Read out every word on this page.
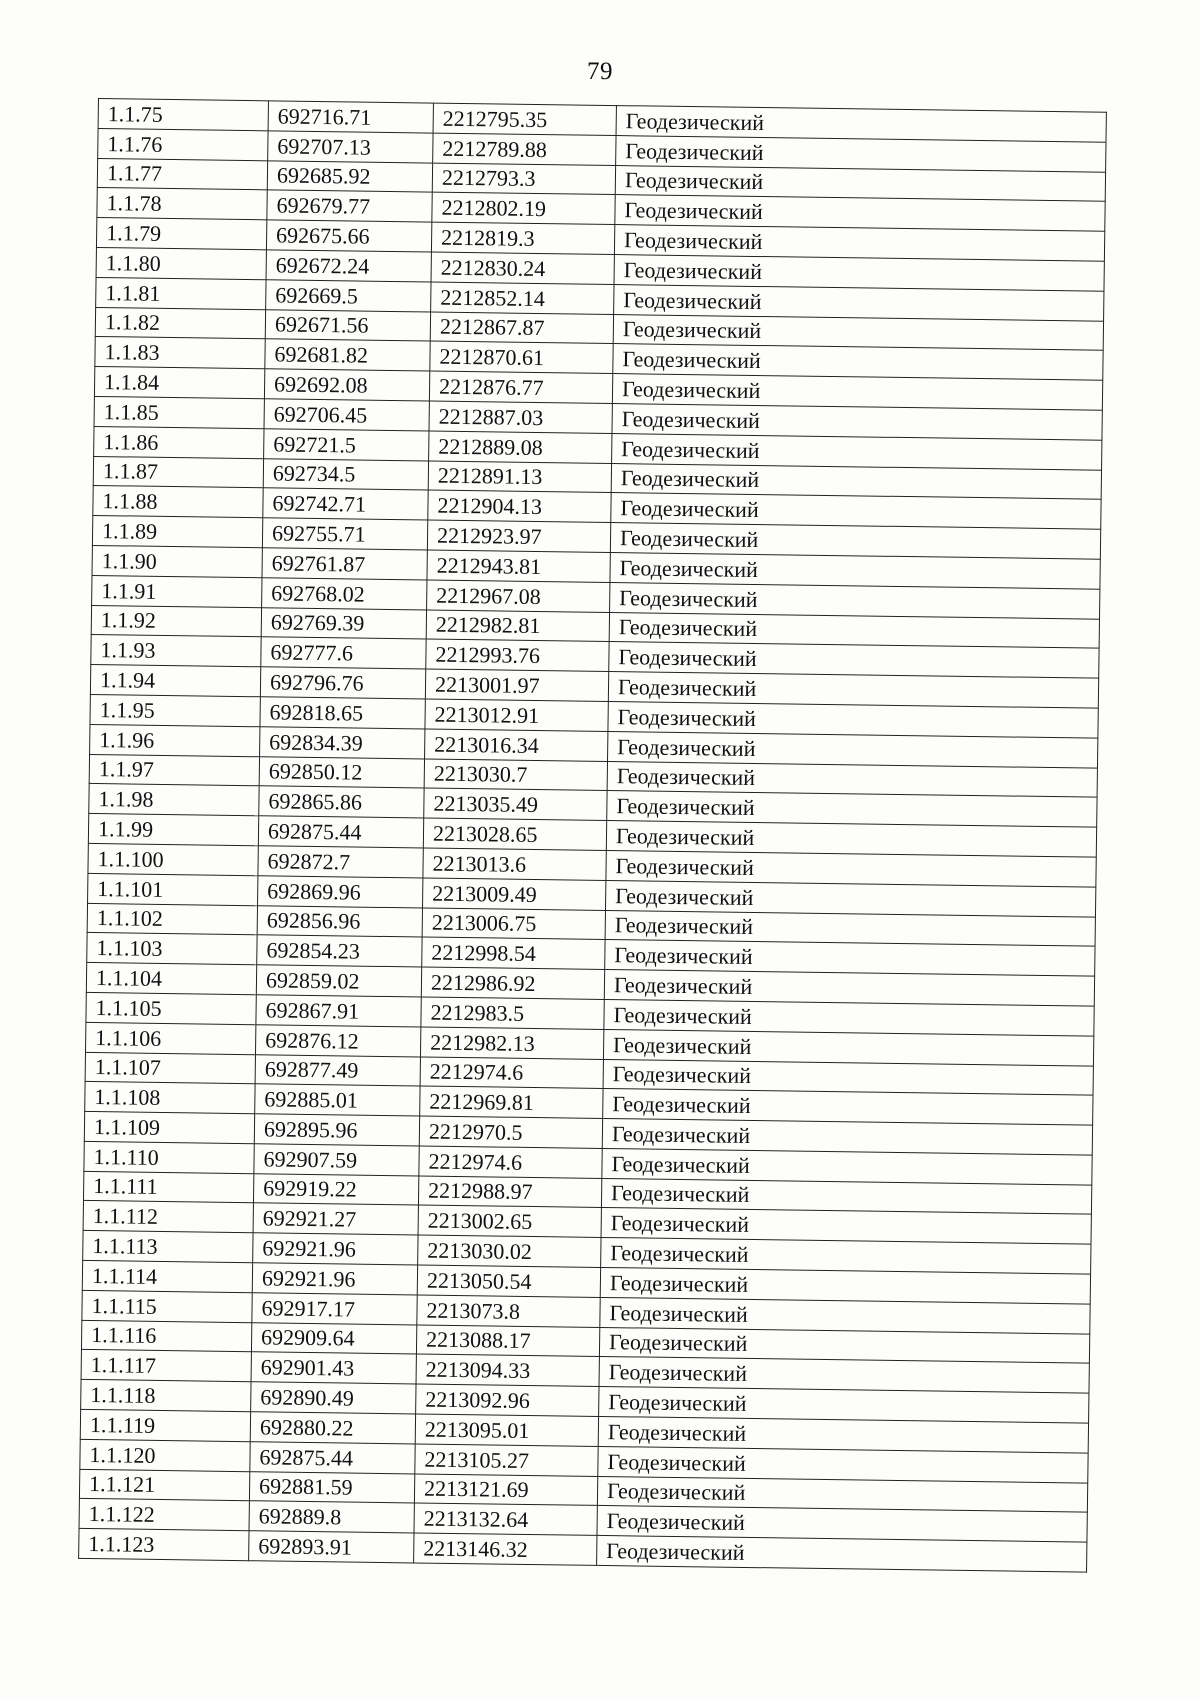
79
1.1.75	692716.71	2212795.35	Геодезический
1.1.76	692707.13	2212789.88	Геодезический
1.1.77	692685.92	2212793.3	Геодезический
1.1.78	692679.77	2212802.19	Геодезический
1.1.79	692675.66	2212819.3	Геодезический
1.1.80	692672.24	2212830.24	Геодезический
1.1.81	692669.5	2212852.14	Геодезический
1.1.82	692671.56	2212867.87	Геодезический
1.1.83	692681.82	2212870.61	Геодезический
1.1.84	692692.08	2212876.77	Геодезический
1.1.85	692706.45	2212887.03	Геодезический
1.1.86	692721.5	2212889.08	Геодезический
1.1.87	692734.5	2212891.13	Геодезический
1.1.88	692742.71	2212904.13	Геодезический
1.1.89	692755.71	2212923.97	Геодезический
1.1.90	692761.87	2212943.81	Геодезический
1.1.91	692768.02	2212967.08	Геодезический
1.1.92	692769.39	2212982.81	Геодезический
1.1.93	692777.6	2212993.76	Геодезический
1.1.94	692796.76	2213001.97	Геодезический
1.1.95	692818.65	2213012.91	Геодезический
1.1.96	692834.39	2213016.34	Геодезический
1.1.97	692850.12	2213030.7	Геодезический
1.1.98	692865.86	2213035.49	Геодезический
1.1.99	692875.44	2213028.65	Геодезический
1.1.100	692872.7	2213013.6	Геодезический
1.1.101	692869.96	2213009.49	Геодезический
1.1.102	692856.96	2213006.75	Геодезический
1.1.103	692854.23	2212998.54	Геодезический
1.1.104	692859.02	2212986.92	Геодезический
1.1.105	692867.91	2212983.5	Геодезический
1.1.106	692876.12	2212982.13	Геодезический
1.1.107	692877.49	2212974.6	Геодезический
1.1.108	692885.01	2212969.81	Геодезический
1.1.109	692895.96	2212970.5	Геодезический
1.1.110	692907.59	2212974.6	Геодезический
1.1.111	692919.22	2212988.97	Геодезический
1.1.112	692921.27	2213002.65	Геодезический
1.1.113	692921.96	2213030.02	Геодезический
1.1.114	692921.96	2213050.54	Геодезический
1.1.115	692917.17	2213073.8	Геодезический
1.1.116	692909.64	2213088.17	Геодезический
1.1.117	692901.43	2213094.33	Геодезический
1.1.118	692890.49	2213092.96	Геодезический
1.1.119	692880.22	2213095.01	Геодезический
1.1.120	692875.44	2213105.27	Геодезический
1.1.121	692881.59	2213121.69	Геодезический
1.1.122	692889.8	2213132.64	Геодезический
1.1.123	692893.91	2213146.32	Геодезический
